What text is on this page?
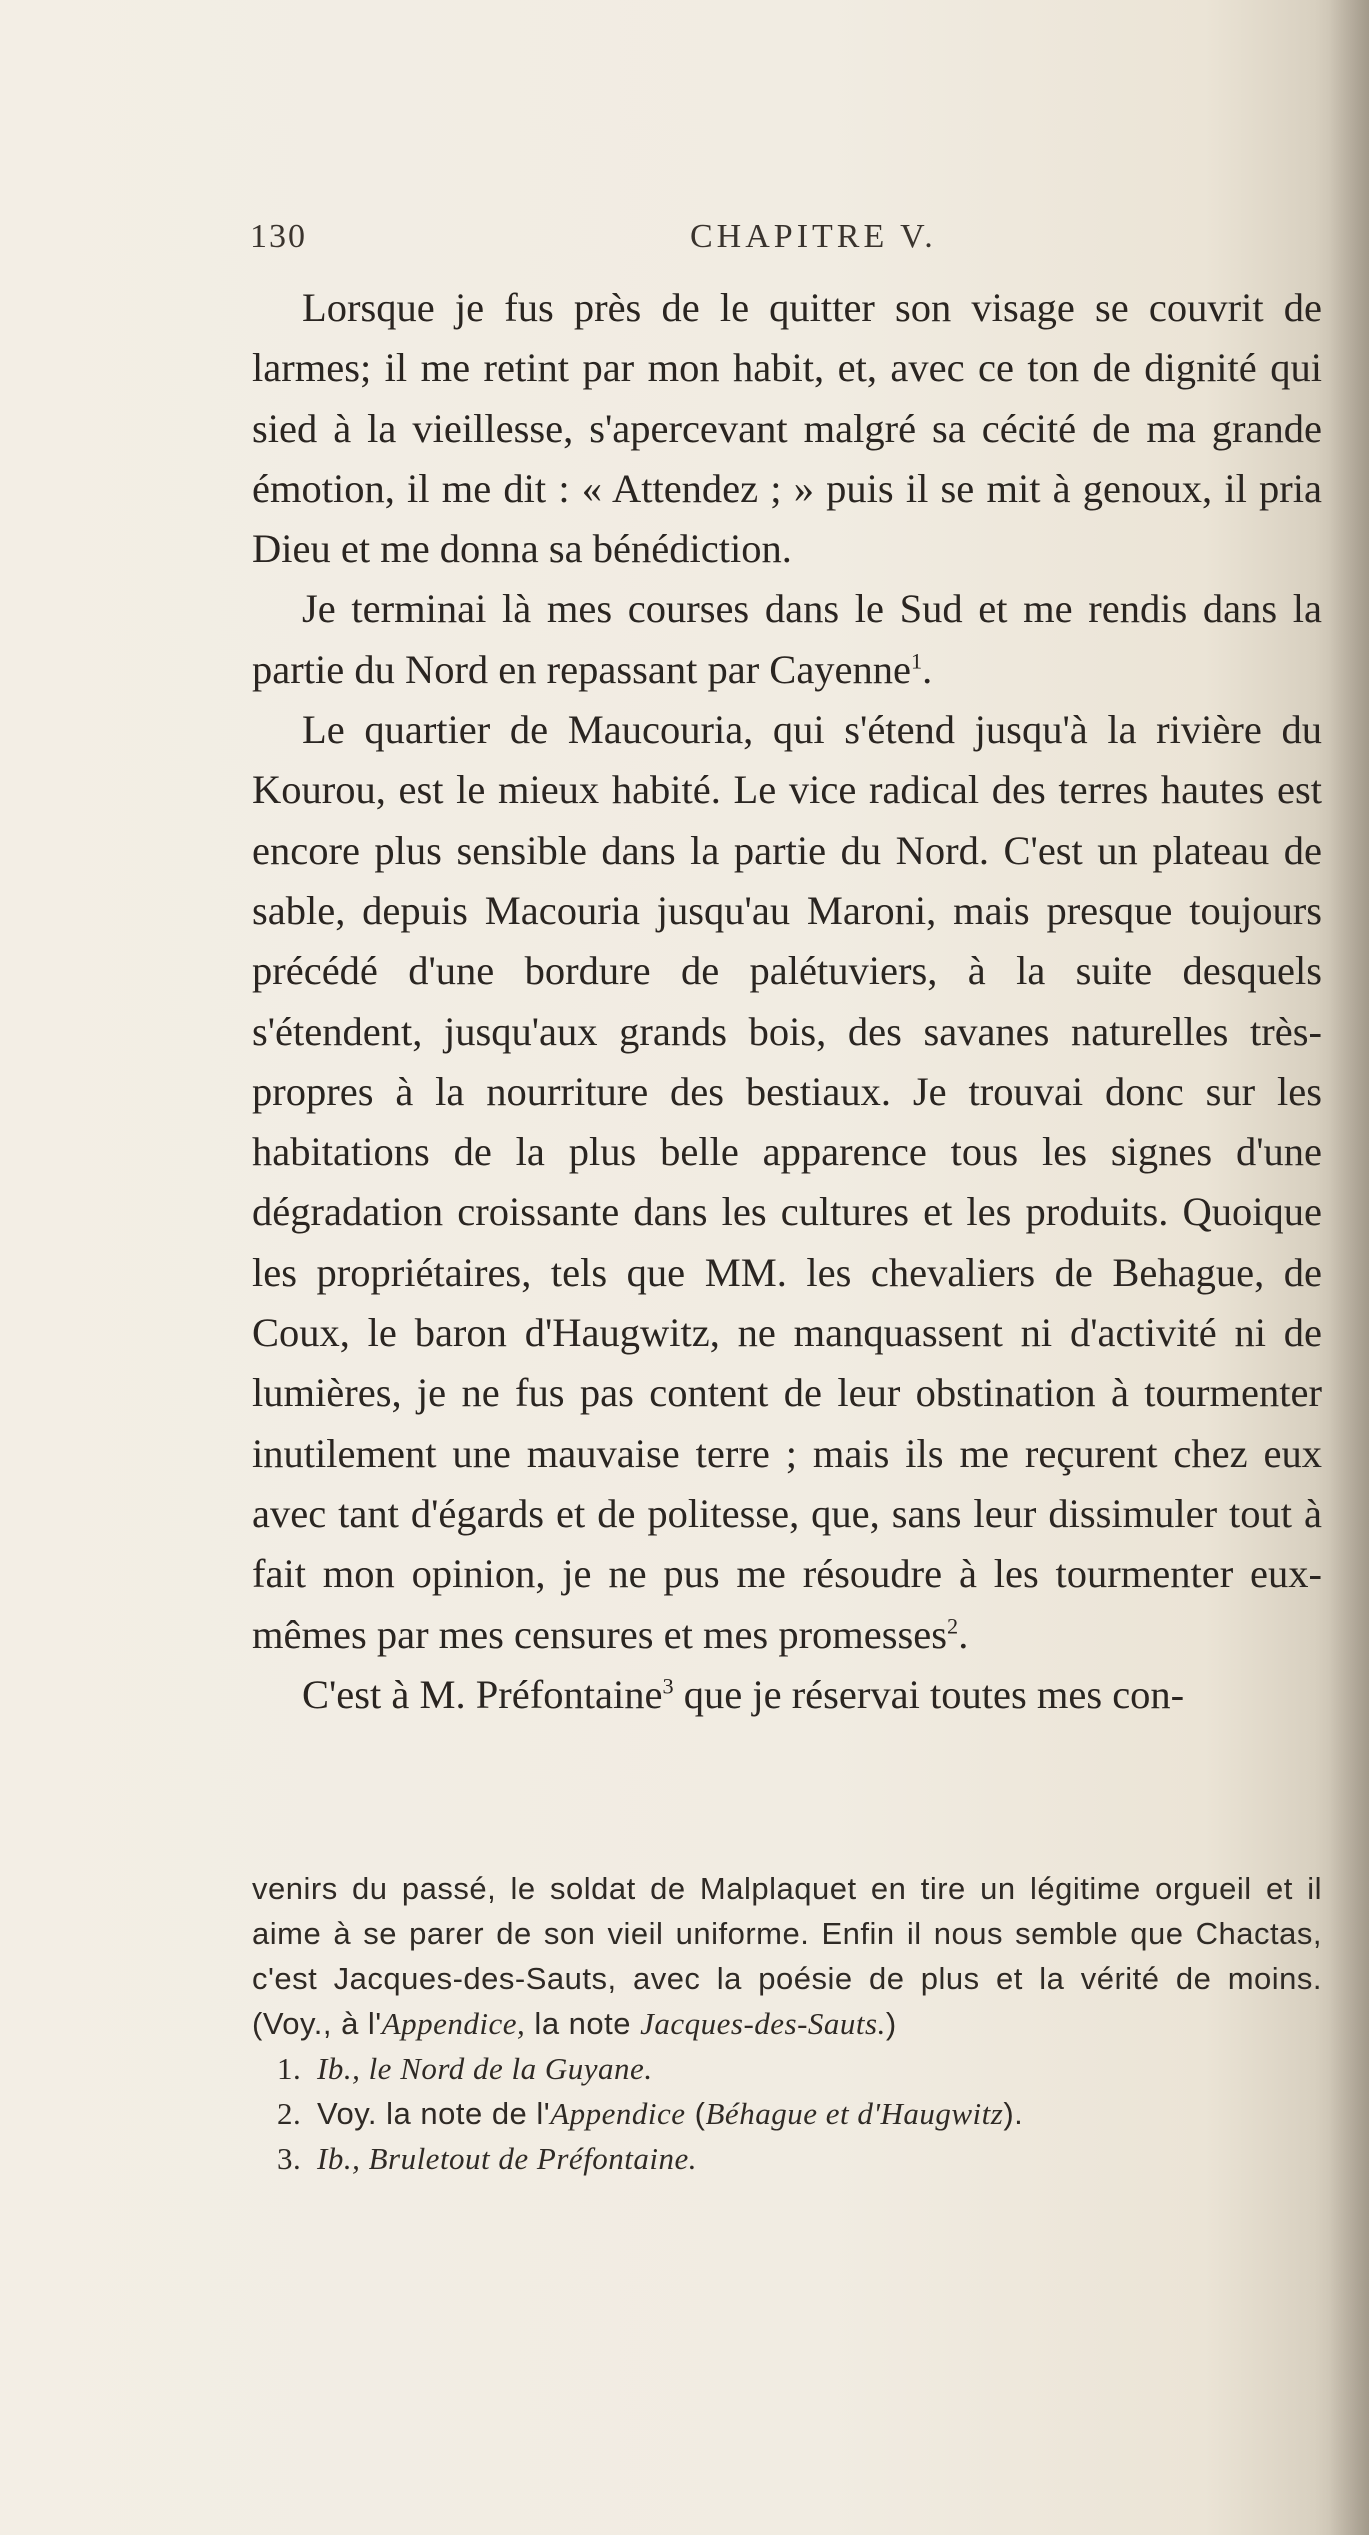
130	CHAPITRE V.

Lorsque je fus près de le quitter son visage se couvrit de larmes; il me retint par mon habit, et, avec ce ton de dignité qui sied à la vieillesse, s'apercevant malgré sa cécité de ma grande émotion, il me dit : « Attendez ; » puis il se mit à genoux, il pria Dieu et me donna sa bénédiction.

Je terminai là mes courses dans le Sud et me rendis dans la partie du Nord en repassant par Cayenne$^1$.

Le quartier de Maucouria, qui s'étend jusqu'à la rivière du Kourou, est le mieux habité. Le vice radical des terres hautes est encore plus sensible dans la partie du Nord. C'est un plateau de sable, depuis Macouria jusqu'au Maroni, mais presque toujours précédé d'une bordure de palétuviers, à la suite desquels s'étendent, jusqu'aux grands bois, des savanes naturelles très-propres à la nourriture des bestiaux. Je trouvai donc sur les habitations de la plus belle apparence tous les signes d'une dégradation croissante dans les cultures et les produits. Quoique les propriétaires, tels que MM. les chevaliers de Behague, de Coux, le baron d'Haugwitz, ne manquassent ni d'activité ni de lumières, je ne fus pas content de leur obstination à tourmenter inutilement une mauvaise terre ; mais ils me reçurent chez eux avec tant d'égards et de politesse, que, sans leur dissimuler tout à fait mon opinion, je ne pus me résoudre à les tourmenter eux-mêmes par mes censures et mes promesses$^2$.

C'est à M. Préfontaine$^3$ que je réservai toutes mes con-

venirs du passé, le soldat de Malplaquet en tire un légitime orgueil et il aime à se parer de son vieil uniforme. Enfin il nous semble que Chactas, c'est Jacques-des-Sauts, avec la poésie de plus et la vérité de moins. (Voy., à l'Appendice, la note Jacques-des-Sauts.)

1. Ib., le Nord de la Guyane.

2. Voy. la note de l'Appendice (Béhague et d'Haugwitz).

3. Ib., Bruletout de Préfontaine.
